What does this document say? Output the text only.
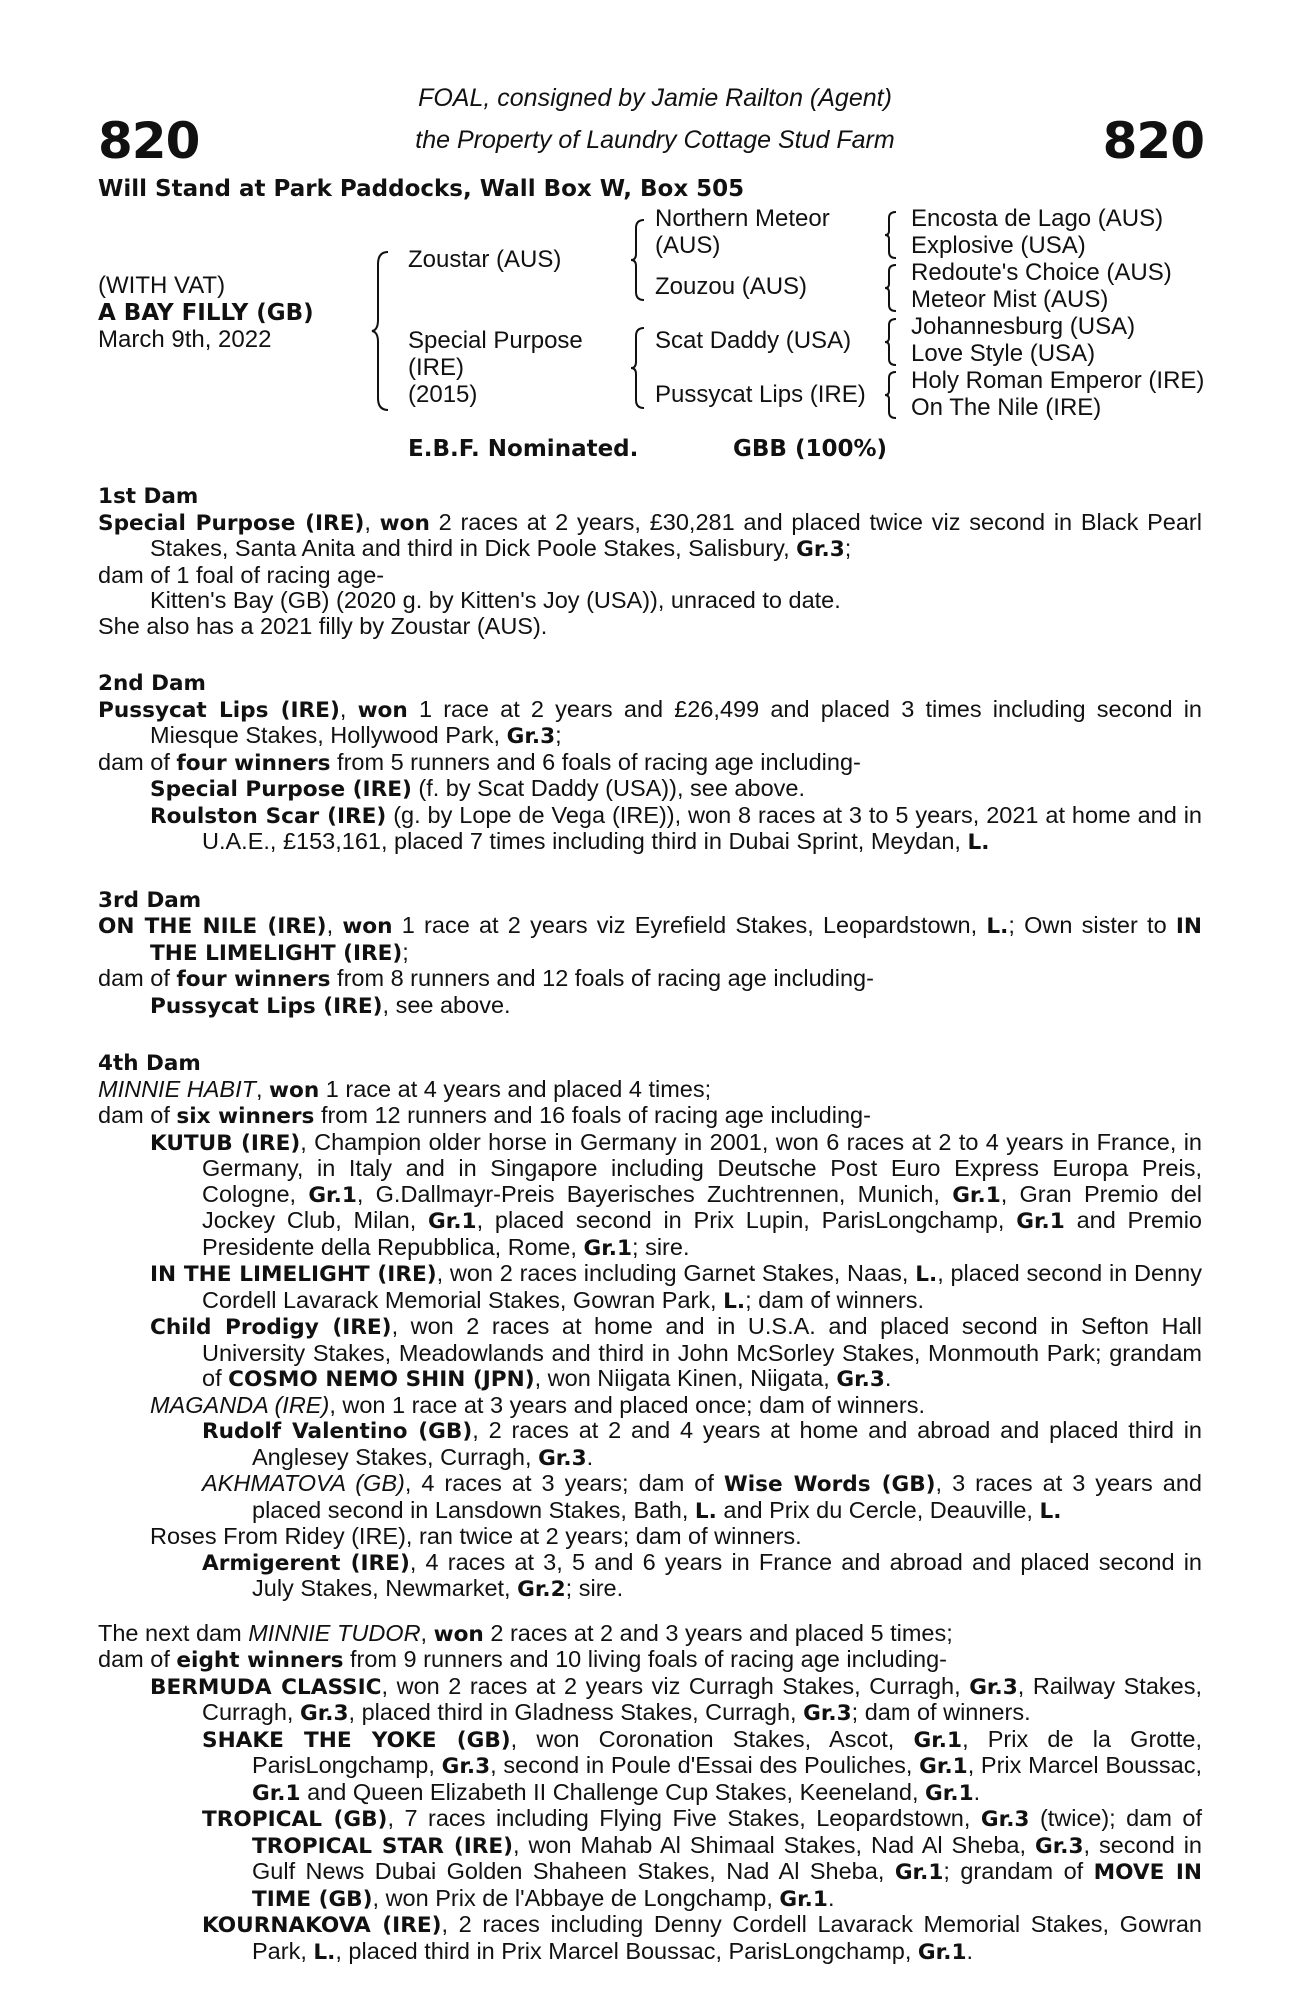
820	820
FOAL, consigned by Jamie Railton (Agent)
the Property of Laundry Cottage Stud Farm
Will Stand at Park Paddocks, Wall Box W, Box 505
(WITH VAT)
A BAY FILLY (GB)
March 9th, 2022
Zoustar (AUS)
Special Purpose
(IRE)
(2015)
Northern Meteor
(AUS)
Zouzou (AUS)
Scat Daddy (USA)
Pussycat Lips (IRE)
Encosta de Lago (AUS)
Explosive (USA)
Redoute's Choice (AUS)
Meteor Mist (AUS)
Johannesburg (USA)
Love Style (USA)
Holy Roman Emperor (IRE)
On The Nile (IRE)
E.B.F. Nominated.	GBB (100%)
1st Dam
Special Purpose (IRE), won 2 races at 2 years, £30,281 and placed twice viz second in Black Pearl Stakes, Santa Anita and third in Dick Poole Stakes, Salisbury, Gr.3;
dam of 1 foal of racing age-
Kitten's Bay (GB) (2020 g. by Kitten's Joy (USA)), unraced to date.
She also has a 2021 filly by Zoustar (AUS).
2nd Dam
Pussycat Lips (IRE), won 1 race at 2 years and £26,499 and placed 3 times including second in Miesque Stakes, Hollywood Park, Gr.3;
dam of four winners from 5 runners and 6 foals of racing age including-
Special Purpose (IRE) (f. by Scat Daddy (USA)), see above.
Roulston Scar (IRE) (g. by Lope de Vega (IRE)), won 8 races at 3 to 5 years, 2021 at home and in U.A.E., £153,161, placed 7 times including third in Dubai Sprint, Meydan, L.
3rd Dam
ON THE NILE (IRE), won 1 race at 2 years viz Eyrefield Stakes, Leopardstown, L.; Own sister to IN THE LIMELIGHT (IRE);
dam of four winners from 8 runners and 12 foals of racing age including-
Pussycat Lips (IRE), see above.
4th Dam
MINNIE HABIT, won 1 race at 4 years and placed 4 times;
dam of six winners from 12 runners and 16 foals of racing age including-
KUTUB (IRE), Champion older horse in Germany in 2001, won 6 races at 2 to 4 years in France, in Germany, in Italy and in Singapore including Deutsche Post Euro Express Europa Preis, Cologne, Gr.1, G.Dallmayr-Preis Bayerisches Zuchtrennen, Munich, Gr.1, Gran Premio del Jockey Club, Milan, Gr.1, placed second in Prix Lupin, ParisLongchamp, Gr.1 and Premio Presidente della Repubblica, Rome, Gr.1; sire.
IN THE LIMELIGHT (IRE), won 2 races including Garnet Stakes, Naas, L., placed second in Denny Cordell Lavarack Memorial Stakes, Gowran Park, L.; dam of winners.
Child Prodigy (IRE), won 2 races at home and in U.S.A. and placed second in Sefton Hall University Stakes, Meadowlands and third in John McSorley Stakes, Monmouth Park; grandam of COSMO NEMO SHIN (JPN), won Niigata Kinen, Niigata, Gr.3.
MAGANDA (IRE), won 1 race at 3 years and placed once; dam of winners.
Rudolf Valentino (GB), 2 races at 2 and 4 years at home and abroad and placed third in Anglesey Stakes, Curragh, Gr.3.
AKHMATOVA (GB), 4 races at 3 years; dam of Wise Words (GB), 3 races at 3 years and placed second in Lansdown Stakes, Bath, L. and Prix du Cercle, Deauville, L.
Roses From Ridey (IRE), ran twice at 2 years; dam of winners.
Armigerent (IRE), 4 races at 3, 5 and 6 years in France and abroad and placed second in July Stakes, Newmarket, Gr.2; sire.
The next dam MINNIE TUDOR, won 2 races at 2 and 3 years and placed 5 times;
dam of eight winners from 9 runners and 10 living foals of racing age including-
BERMUDA CLASSIC, won 2 races at 2 years viz Curragh Stakes, Curragh, Gr.3, Railway Stakes, Curragh, Gr.3, placed third in Gladness Stakes, Curragh, Gr.3; dam of winners.
SHAKE THE YOKE (GB), won Coronation Stakes, Ascot, Gr.1, Prix de la Grotte, ParisLongchamp, Gr.3, second in Poule d'Essai des Pouliches, Gr.1, Prix Marcel Boussac, Gr.1 and Queen Elizabeth II Challenge Cup Stakes, Keeneland, Gr.1.
TROPICAL (GB), 7 races including Flying Five Stakes, Leopardstown, Gr.3 (twice); dam of TROPICAL STAR (IRE), won Mahab Al Shimaal Stakes, Nad Al Sheba, Gr.3, second in Gulf News Dubai Golden Shaheen Stakes, Nad Al Sheba, Gr.1; grandam of MOVE IN TIME (GB), won Prix de l'Abbaye de Longchamp, Gr.1.
KOURNAKOVA (IRE), 2 races including Denny Cordell Lavarack Memorial Stakes, Gowran Park, L., placed third in Prix Marcel Boussac, ParisLongchamp, Gr.1.
